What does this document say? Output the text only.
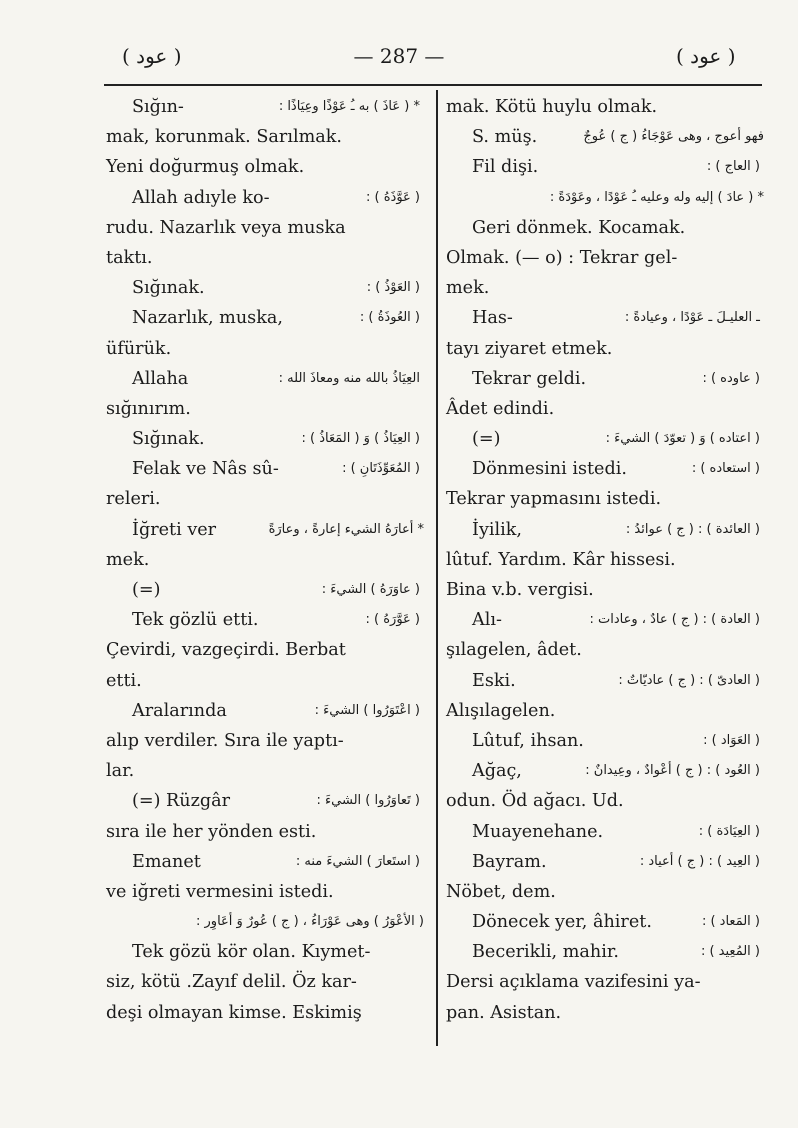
( عود )	— 287 —	( عود )
Sığın-	* ( عَاذَ ) به ـُ عَوْذًا وعِيَاذًا :
mak, korunmak. Sarılmak.
Yeni doğurmuş olmak.
Allah adıyle ko-	( عَوَّذَهُ ) :
rudu. Nazarlık veya muska
taktı.
Sığınak.	( العَوْذُ ) :
Nazarlık, muska,	( العُوذَةُ ) :
üfürük.
Allaha	العِيَاذُ بالله منه ومعاذَ الله :
sığınırım.
Sığınak.	( العِيَاذُ ) وَ ( المَعَاذُ ) :
Felak ve Nâs sû-	( المُعَوِّذَتَانِ ) :
releri.
İğreti ver	* أعارَهُ الشيء إعارةً ، وعارَةً
mek.
(=)	( عاوَرَهُ ) الشيءَ :
Tek gözlü etti.	( عَوَّرَهُ ) :
Çevirdi, vazgeçirdi. Berbat
etti.
Aralarında	( اعْتَوَرُوا ) الشيءَ :
alıp verdiler. Sıra ile yaptı-
lar.
(=) Rüzgâr	( تَعاوَرُوا ) الشيءَ :
sıra ile her yönden esti.
Emanet	( استَعارَ ) الشيءَ منه :
ve iğreti vermesini istedi.
( الأعْوَرُ ) وهى عَوْرَاءُ ، ( ج ) عُورٌ وَ أعَاوِر :
Tek gözü kör olan. Kıymet-
siz, kötü .Zayıf delil. Öz kar-
deşi olmayan kimse. Eskimiş
mak. Kötü huylu olmak.
S. müş.	فهو أعوج ، وهى عَوْجَاءُ ( ج ) عُوجٌ
Fil dişi.	( العاج ) :
* ( عادَ ) إليه وله وعليه ـُ عَوْدًا ، وعَوْدَةً :
Geri dönmek. Kocamak.
Olmak. (— o) : Tekrar gel-
mek.
Has-	ـ العليـلَ ـ عَوْدًا ، وعيادةً :
tayı ziyaret etmek.
Tekrar geldi.	( عاوده ) :
Âdet edindi.
(=)	( اعتاده ) وَ ( تعوّدَ ) الشيءَ :
Dönmesini istedi.	( استعاده ) :
Tekrar yapmasını istedi.
İyilik,	( العائدة ) : ( ج ) عوائدُ :
lûtuf. Yardım. Kâr hissesi.
Bina v.b. vergisi.
Alı-	( العادة ) : ( ج ) عادٌ ، وعادات :
şılagelen, âdet.
Eski.	( العادىّ ) : ( ج ) عاديّاتٌ :
Alışılagelen.
Lûtuf, ihsan.	( العَوَاد ) :
Ağaç,	( العُود ) : ( ج ) أعْوادٌ ، وعِيدانٌ :
odun. Öd ağacı. Ud.
Muayenehane.	( العِيَادَة ) :
Bayram.	( العِيد ) : ( ج ) أعياد :
Nöbet, dem.
Dönecek yer, âhiret.	( المَعاد ) :
Becerikli, mahir.	( المُعِيد ) :
Dersi açıklama vazifesini ya-
pan. Asistan.
